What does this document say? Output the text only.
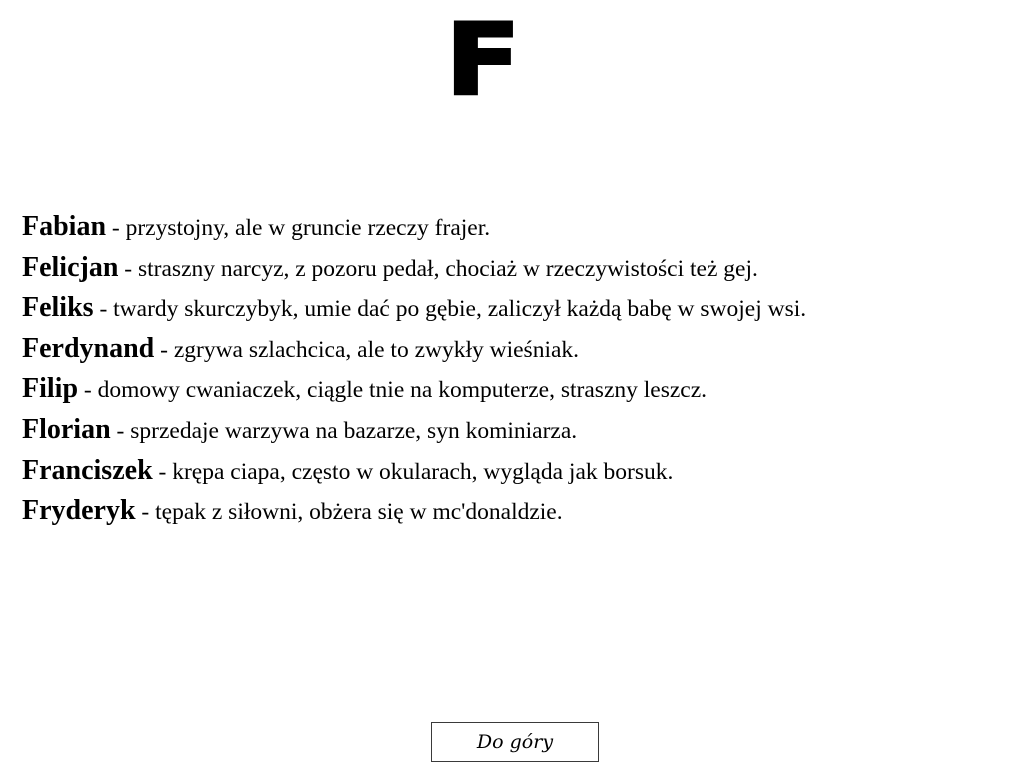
F
Fabian - przystojny, ale w gruncie rzeczy frajer.
Felicjan - straszny narcyz, z pozoru pedał, chociaż w rzeczywistości też gej.
Feliks - twardy skurczybyk, umie dać po gębie, zaliczył każdą babę w swojej wsi.
Ferdynand - zgrywa szlachcica, ale to zwykły wieśniak.
Filip - domowy cwaniaczek, ciągle tnie na komputerze, straszny leszcz.
Florian - sprzedaje warzywa na bazarze, syn kominiarza.
Franciszek - krępa ciapa, często w okularach, wygląda jak borsuk.
Fryderyk - tępak z siłowni, obżera się w mc'donaldzie.
Do góry
